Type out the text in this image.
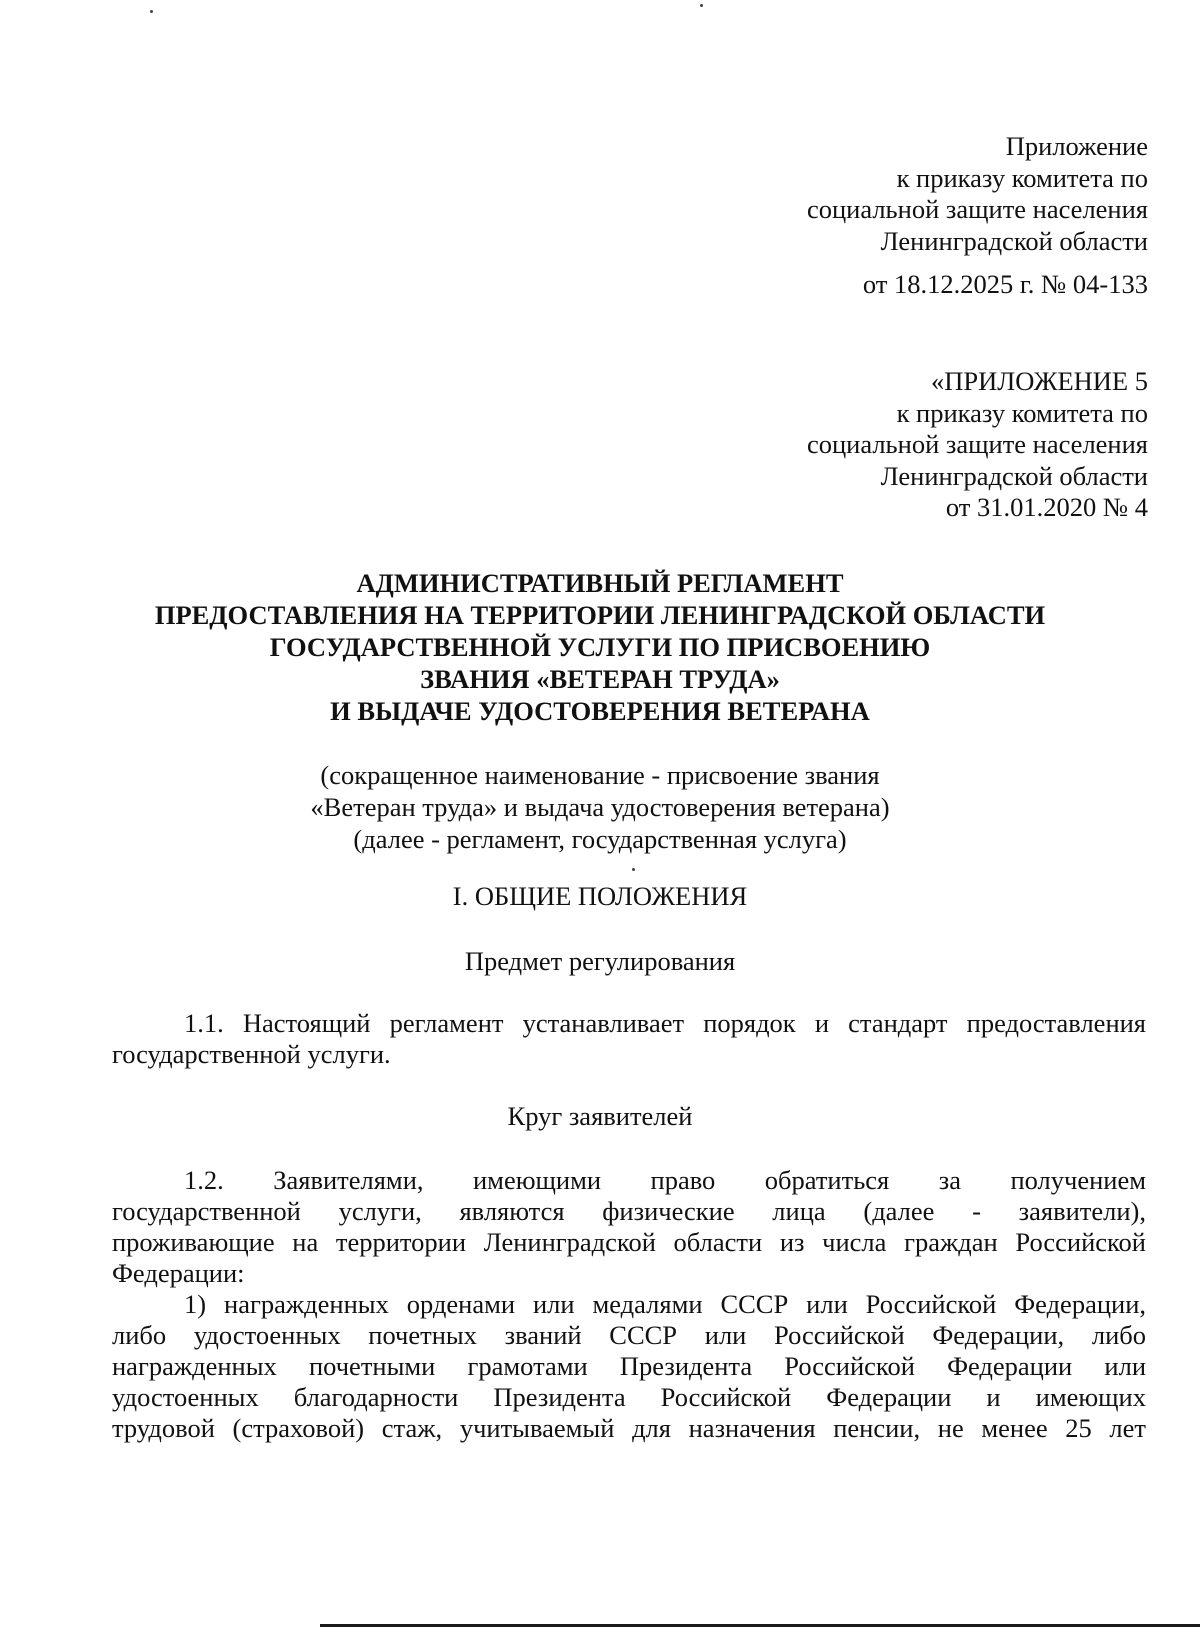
Приложение
к приказу комитета по
социальной защите населения
Ленинградской области
от 18.12.2025 г. № 04-133
«ПРИЛОЖЕНИЕ 5
к приказу комитета по
социальной защите населения
Ленинградской области
от 31.01.2020 № 4
АДМИНИСТРАТИВНЫЙ РЕГЛАМЕНТ
ПРЕДОСТАВЛЕНИЯ НА ТЕРРИТОРИИ ЛЕНИНГРАДСКОЙ ОБЛАСТИ
ГОСУДАРСТВЕННОЙ УСЛУГИ ПО ПРИСВОЕНИЮ
ЗВАНИЯ «ВЕТЕРАН ТРУДА»
И ВЫДАЧЕ УДОСТОВЕРЕНИЯ ВЕТЕРАНА
(сокращенное наименование - присвоение звания
«Ветеран труда» и выдача удостоверения ветерана)
(далее - регламент, государственная услуга)
I. ОБЩИЕ ПОЛОЖЕНИЯ
Предмет регулирования
1.1. Настоящий регламент устанавливает порядок и стандарт предоставления
государственной услуги.
Круг заявителей
1.2. Заявителями, имеющими право обратиться за получением
государственной услуги, являются физические лица (далее - заявители),
проживающие на территории Ленинградской области из числа граждан Российской
Федерации:
1) награжденных орденами или медалями СССР или Российской Федерации,
либо удостоенных почетных званий СССР или Российской Федерации, либо
награжденных почетными грамотами Президента Российской Федерации или
удостоенных благодарности Президента Российской Федерации и имеющих
трудовой (страховой) стаж, учитываемый для назначения пенсии, не менее 25 лет
